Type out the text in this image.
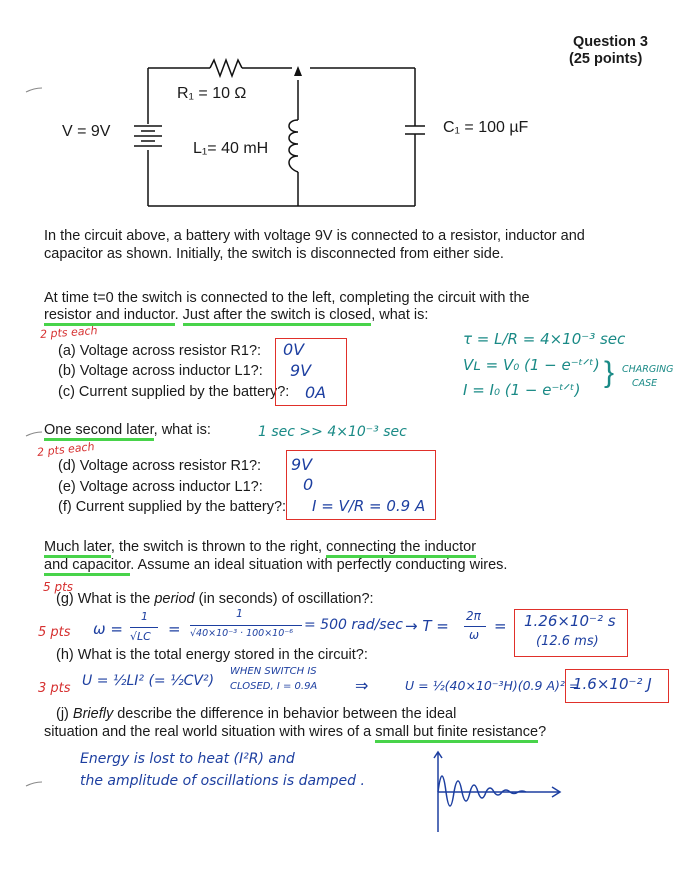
Question 3
(25 points)
V = 9V
R₁ = 10 Ω
L₁= 40 mH
C₁ = 100 µF
In the circuit above, a battery with voltage 9V is connected to a resistor, inductor and
capacitor as shown. Initially, the switch is disconnected from either side.
At time t=0 the switch is connected to the left, completing the circuit with the
resistor and inductor. Just after the switch is closed, what is:
2 pts each
(a) Voltage across resistor R1?:
(b) Voltage across inductor L1?:
(c) Current supplied by the battery?:
0V
9V
0A
τ = L/R = 4×10⁻³ sec
Vʟ = V₀ (1 − e⁻ᵗᐟᵗ)
I = I₀ (1 − e⁻ᵗᐟᵗ)
} CHARGING
CASE
One second later, what is:	1 sec >> 4×10⁻³ sec
2 pts each
(d) Voltage across resistor R1?:
(e) Voltage across inductor L1?:
(f) Current supplied by the battery?:
9V
0
I = V/R = 0.9 A
Much later, the switch is thrown to the right, connecting the inductor
and capacitor. Assume an ideal situation with perfectly conducting wires.
5 pts
(g) What is the period (in seconds) of oscillation?:
5 pts ω =
1
√LC =
1
√40×10⁻³ · 100×10⁻⁶
= 500 rad/sec → T =
2π
ω = 1.26×10⁻² s
(12.6 ms)
(h) What is the total energy stored in the circuit?:
3 pts U = ½LI² (= ½CV²)
WHEN SWITCH IS
CLOSED, I = 0.9A ⇒	U = ½(40×10⁻³H)(0.9 A)² =
1.6×10⁻² J
(j) Briefly describe the difference in behavior between the ideal
situation and the real world situation with wires of a small but finite resistance?
Energy is lost to heat (I²R) and
the amplitude of oscillations is damped .
